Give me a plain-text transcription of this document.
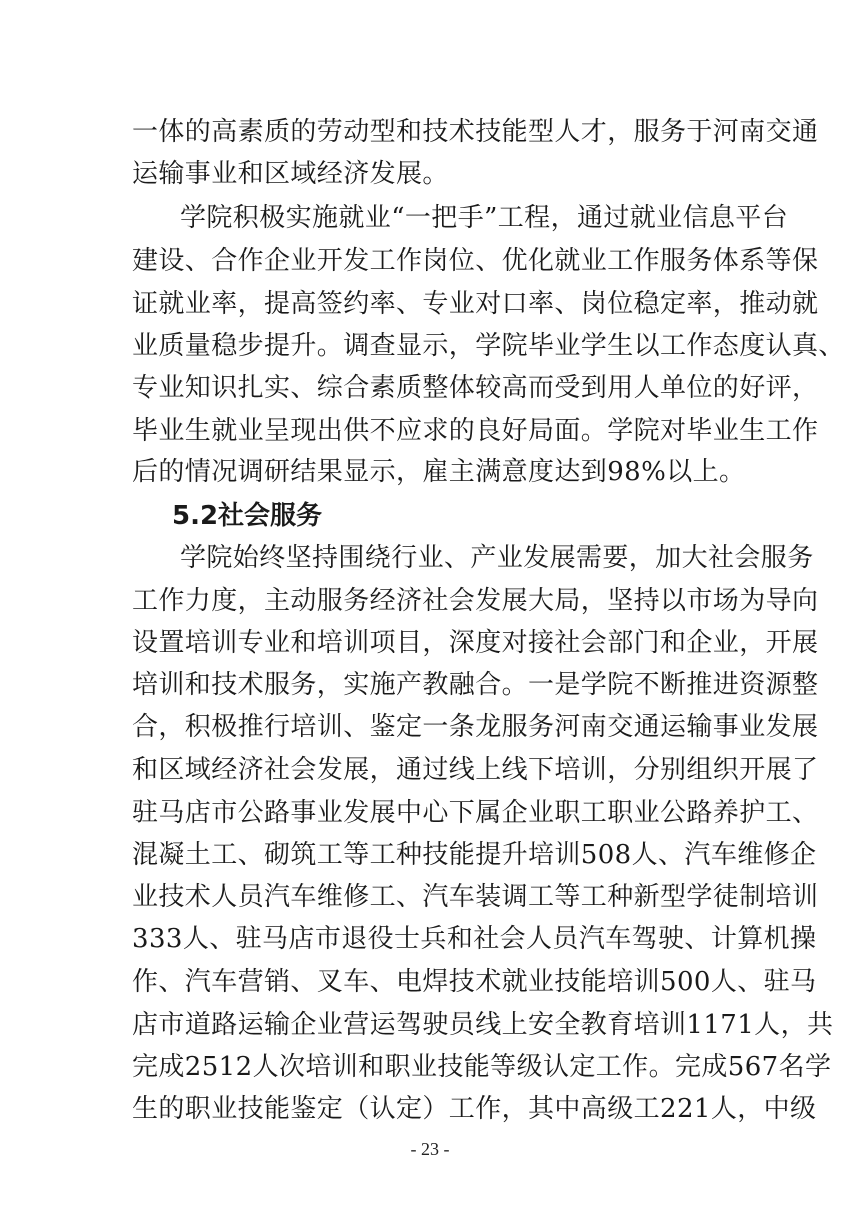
一体的高素质的劳动型和技术技能型人才，服务于河南交通
运输事业和区域经济发展。
学院积极实施就业“一把手”工程，通过就业信息平台
建设、合作企业开发工作岗位、优化就业工作服务体系等保
证就业率，提高签约率、专业对口率、岗位稳定率，推动就
业质量稳步提升。调查显示，学院毕业学生以工作态度认真、
专业知识扎实、综合素质整体较高而受到用人单位的好评，
毕业生就业呈现出供不应求的良好局面。学院对毕业生工作
后的情况调研结果显示，雇主满意度达到98%以上。
5.2社会服务
学院始终坚持围绕行业、产业发展需要，加大社会服务
工作力度，主动服务经济社会发展大局，坚持以市场为导向
设置培训专业和培训项目，深度对接社会部门和企业，开展
培训和技术服务，实施产教融合。一是学院不断推进资源整
合，积极推行培训、鉴定一条龙服务河南交通运输事业发展
和区域经济社会发展，通过线上线下培训，分别组织开展了
驻马店市公路事业发展中心下属企业职工职业公路养护工、
混凝土工、砌筑工等工种技能提升培训508人、汽车维修企
业技术人员汽车维修工、汽车装调工等工种新型学徒制培训
333人、驻马店市退役士兵和社会人员汽车驾驶、计算机操
作、汽车营销、叉车、电焊技术就业技能培训500人、驻马
店市道路运输企业营运驾驶员线上安全教育培训1171人，共
完成2512人次培训和职业技能等级认定工作。完成567名学
生的职业技能鉴定（认定）工作，其中高级工221人，中级
- 23 -
